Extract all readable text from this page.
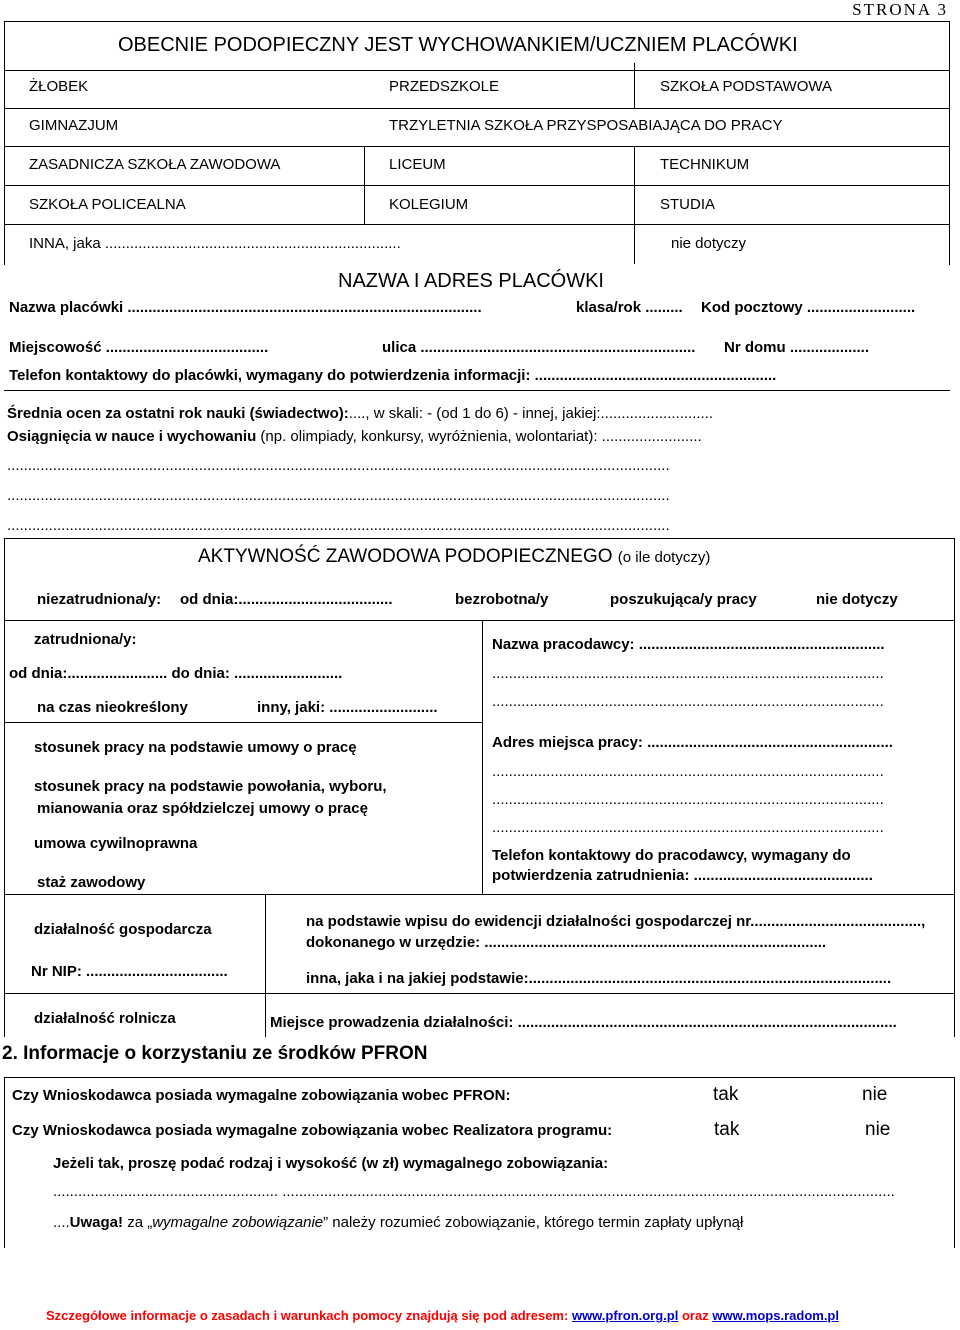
STRONA 3
OBECNIE PODOPIECZNY JEST WYCHOWANKIEM/UCZNIEM PLACÓWKI
ŻŁOBEK	PRZEDSZKOLE	SZKOŁA PODSTAWOWA
GIMNAZJUM	TRZYLETNIA SZKOŁA PRZYSPOSABIAJĄCA DO PRACY
ZASADNICZA SZKOŁA ZAWODOWA	LICEUM	TECHNIKUM
SZKOŁA POLICEALNA	KOLEGIUM	STUDIA
INNA, jaka .......................................................................	nie dotyczy
NAZWA I ADRES PLACÓWKI
Nazwa placówki .....................................................................................	klasa/rok ......... Kod pocztowy ..........................
Miejscowość .......................................	ulica .................................................................. Nr domu ...................
Telefon kontaktowy do placówki, wymagany do potwierdzenia informacji: ..........................................................
Średnia ocen za ostatni rok nauki (świadectwo):...., w skali: - (od 1 do 6) - innej, jakiej:...........................
Osiągnięcia w nauce i wychowaniu (np. olimpiady, konkursy, wyróżnienia, wolontariat): ........................
...............................................................................................................................................................
...............................................................................................................................................................
...............................................................................................................................................................
AKTYWNOŚĆ ZAWODOWA PODOPIECZNEGO (o ile dotyczy)
niezatrudniona/y: od dnia:.....................................	bezrobotna/y	poszukująca/y pracy	nie dotyczy
zatrudniona/y:
od dnia:........................ do dnia: ..........................
na czas nieokreślony	inny, jaki: ..........................
stosunek pracy na podstawie umowy o pracę
stosunek pracy na podstawie powołania, wyboru,
mianowania oraz spółdzielczej umowy o pracę
umowa cywilnoprawna
staż zawodowy
Nazwa pracodawcy: ...........................................................
..............................................................................................
..............................................................................................
Adres miejsca pracy: ...........................................................
..............................................................................................
..............................................................................................
..............................................................................................
Telefon kontaktowy do pracodawcy, wymagany do
potwierdzenia zatrudnienia: ...........................................
działalność gospodarcza
Nr NIP: ..................................
na podstawie wpisu do ewidencji działalności gospodarczej nr.........................................,
dokonanego w urzędzie: ..................................................................................
inna, jaka i na jakiej podstawie:.......................................................................................
działalność rolnicza	Miejsce prowadzenia działalności: ...........................................................................................
2. Informacje o korzystaniu ze środków PFRON
Czy Wnioskodawca posiada wymagalne zobowiązania wobec PFRON:	tak	nie
Czy Wnioskodawca posiada wymagalne zobowiązania wobec Realizatora programu:	tak	nie
Jeżeli tak, proszę podać rodzaj i wysokość (w zł) wymagalnego zobowiązania:
...................................................... ...................................................................................................................................................
....Uwaga! za „wymagalne zobowiązanie” należy rozumieć zobowiązanie, którego termin zapłaty upłynął
Szczegółowe informacje o zasadach i warunkach pomocy znajdują się pod adresem: www.pfron.org.pl oraz www.mops.radom.pl
